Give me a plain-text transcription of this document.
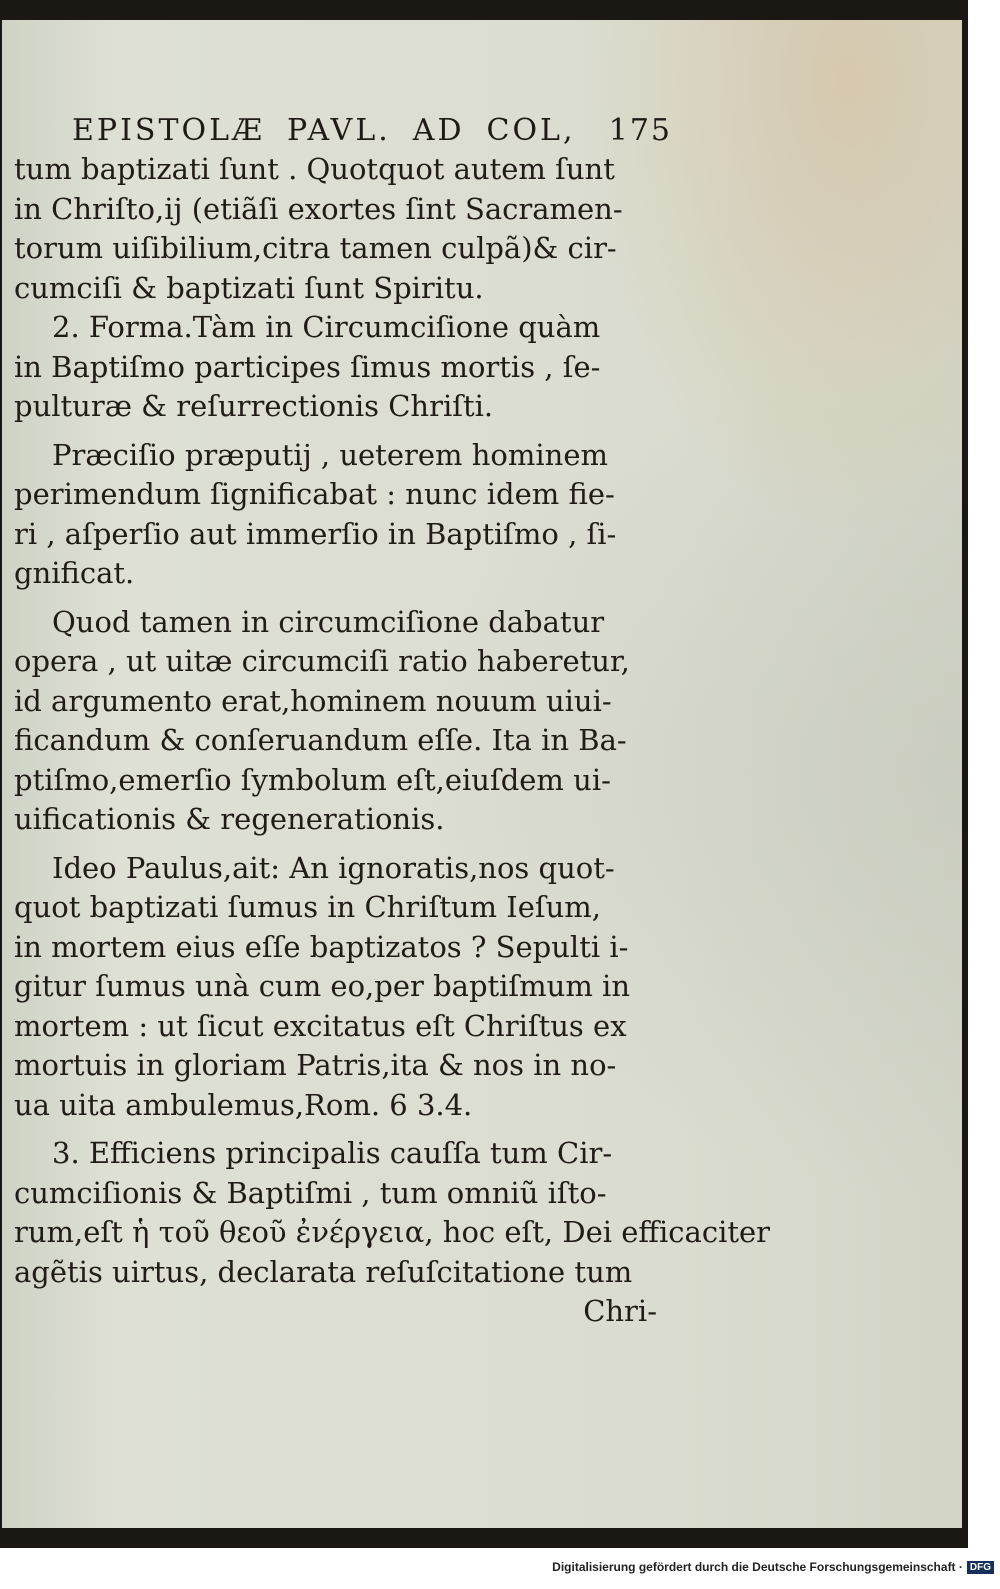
EPISTOLÆ PAVL. AD COL, 175
tum baptizati ſunt . Quotquot autem ſunt
in Chriſto,ij (etiãſi exortes ſint Sacramen-
torum uiſibilium,citra tamen culpã)& cir-
cumciſi & baptizati ſunt Spiritu.
2. Forma.Tàm in Circumciſione quàm
in Baptiſmo participes ſimus mortis , ſe-
pulturæ & reſurrectionis Chriſti.
Præciſio præputij , ueterem hominem
perimendum ſignificabat : nunc idem fie-
ri , aſperſio aut immerſio in Baptiſmo , ſi-
gnificat.
Quod tamen in circumciſione dabatur
opera , ut uitæ circumciſi ratio haberetur,
id argumento erat,hominem nouum uiui-
ficandum & conſeruandum eſſe. Ita in Ba-
ptiſmo,emerſio ſymbolum eſt,eiuſdem ui-
uificationis & regenerationis.
Ideo Paulus,ait: An ignoratis,nos quot-
quot baptizati ſumus in Chriſtum Ieſum,
in mortem eius eſſe baptizatos ? Sepulti i-
gitur ſumus unà cum eo,per baptiſmum in
mortem : ut ſicut excitatus eſt Chriſtus ex
mortuis in gloriam Patris,ita & nos in no-
ua uita ambulemus,Rom. 6 3.4.
3. Efficiens principalis cauſſa tum Cir-
cumciſionis & Baptiſmi , tum omniũ iſto-
rum,eſt ἡ τοῦ θεοῦ ἐνέργεια, hoc eſt, Dei efficaciter
agẽtis uirtus, declarata reſuſcitatione tum
Chri-
Digitalisierung gefördert durch die Deutsche Forschungsgemeinschaft · DFG
